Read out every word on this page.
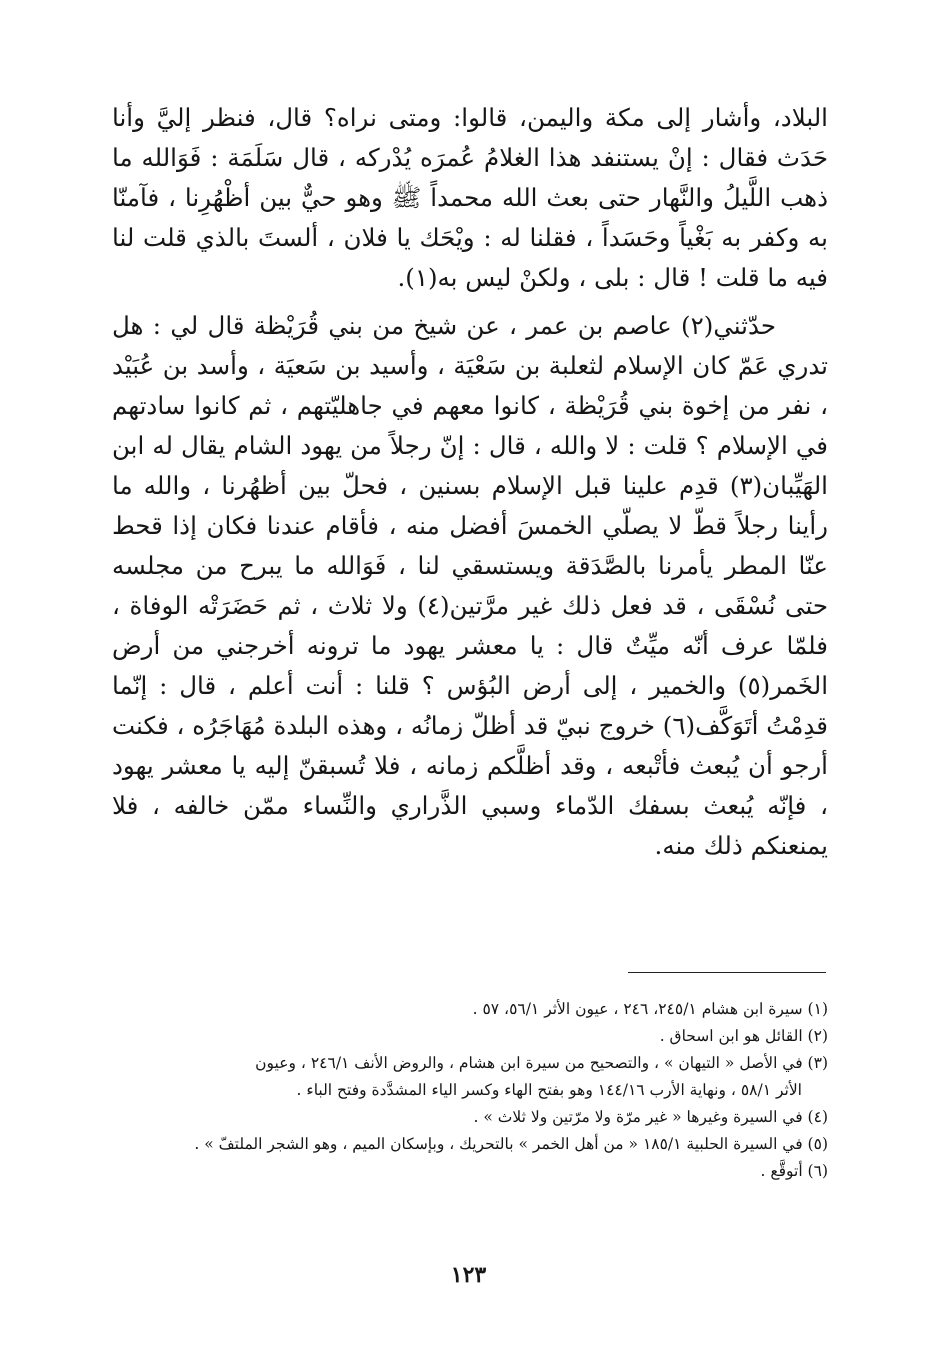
البلاد، وأشار إلى مكة واليمن، قالوا: ومتى نراه؟ قال، فنظر إليَّ وأنا حَدَث فقال : إنْ يستنفد هذا الغلامُ عُمرَه يُدْركه ، قال سَلَمَة : فَوَالله ما ذهب اللَّيلُ والنَّهار حتى بعث الله محمداً ﷺ وهو حيٌّ بين أظْهُرِنا ، فآمنّا به وكفر به بَغْياً وحَسَداً ، فقلنا له : ويْحَك يا فلان ، ألستَ بالذي قلت لنا فيه ما قلت ! قال : بلى ، ولكنْ ليس به(١).

حدّثني(٢) عاصم بن عمر ، عن شيخ من بني قُرَيْظة قال لي : هل تدري عَمّ كان الإسلام لثعلبة بن سَعْيَة ، وأسيد بن سَعيَة ، وأسد بن عُبَيْد ، نفر من إخوة بني قُرَيْظة ، كانوا معهم في جاهليّتهم ، ثم كانوا سادتهم في الإسلام ؟ قلت : لا والله ، قال : إنّ رجلاً من يهود الشام يقال له ابن الهَيِّبان(٣) قدِم علينا قبل الإسلام بسنين ، فحلّ بين أظهُرنا ، والله ما رأينا رجلاً قطّ لا يصلّي الخمسَ أفضل منه ، فأقام عندنا فكان إذا قحط عنّا المطر يأمرنا بالصَّدَقة ويستسقي لنا ، فَوَالله ما يبرح من مجلسه حتى نُسْقَى ، قد فعل ذلك غير مرَّتين(٤) ولا ثلاث ، ثم حَضَرَتْه الوفاة ، فلمّا عرف أنّه ميِّتٌ قال : يا معشر يهود ما ترونه أخرجني من أرض الخَمر(٥) والخمير ، إلى أرض البُؤس ؟ قلنا : أنت أعلم ، قال : إنّما قدِمْتُ أتَوَكَّف(٦) خروج نبيّ قد أظلّ زمانُه ، وهذه البلدة مُهَاجَرُه ، فكنت أرجو أن يُبعث فأتْبعه ، وقد أظلَّكم زمانه ، فلا تُسبقنّ إليه يا معشر يهود ، فإنّه يُبعث بسفك الدّماء وسبي الذَّراري والنِّساء ممّن خالفه ، فلا يمنعنكم ذلك منه.

(١) سيرة ابن هشام ٢٤٥/١، ٢٤٦ ، عيون الأثر ٥٦/١، ٥٧ .

(٢) القائل هو ابن اسحاق .

(٣) في الأصل « التيهان » ، والتصحيح من سيرة ابن هشام ، والروض الأنف ٢٤٦/١ ، وعيون

الأثر ٥٨/١ ، ونهاية الأرب ١٤٤/١٦ وهو بفتح الهاء وكسر الياء المشدَّدة وفتح الباء .

(٤) في السيرة وغيرها « غير مرّة ولا مرّتين ولا ثلاث » .

(٥) في السيرة الحلبية ١٨٥/١ « من أهل الخمر » بالتحريك ، وبإسكان الميم ، وهو الشجر الملتفّ » .

(٦) أتوقَّع .

١٢٣
